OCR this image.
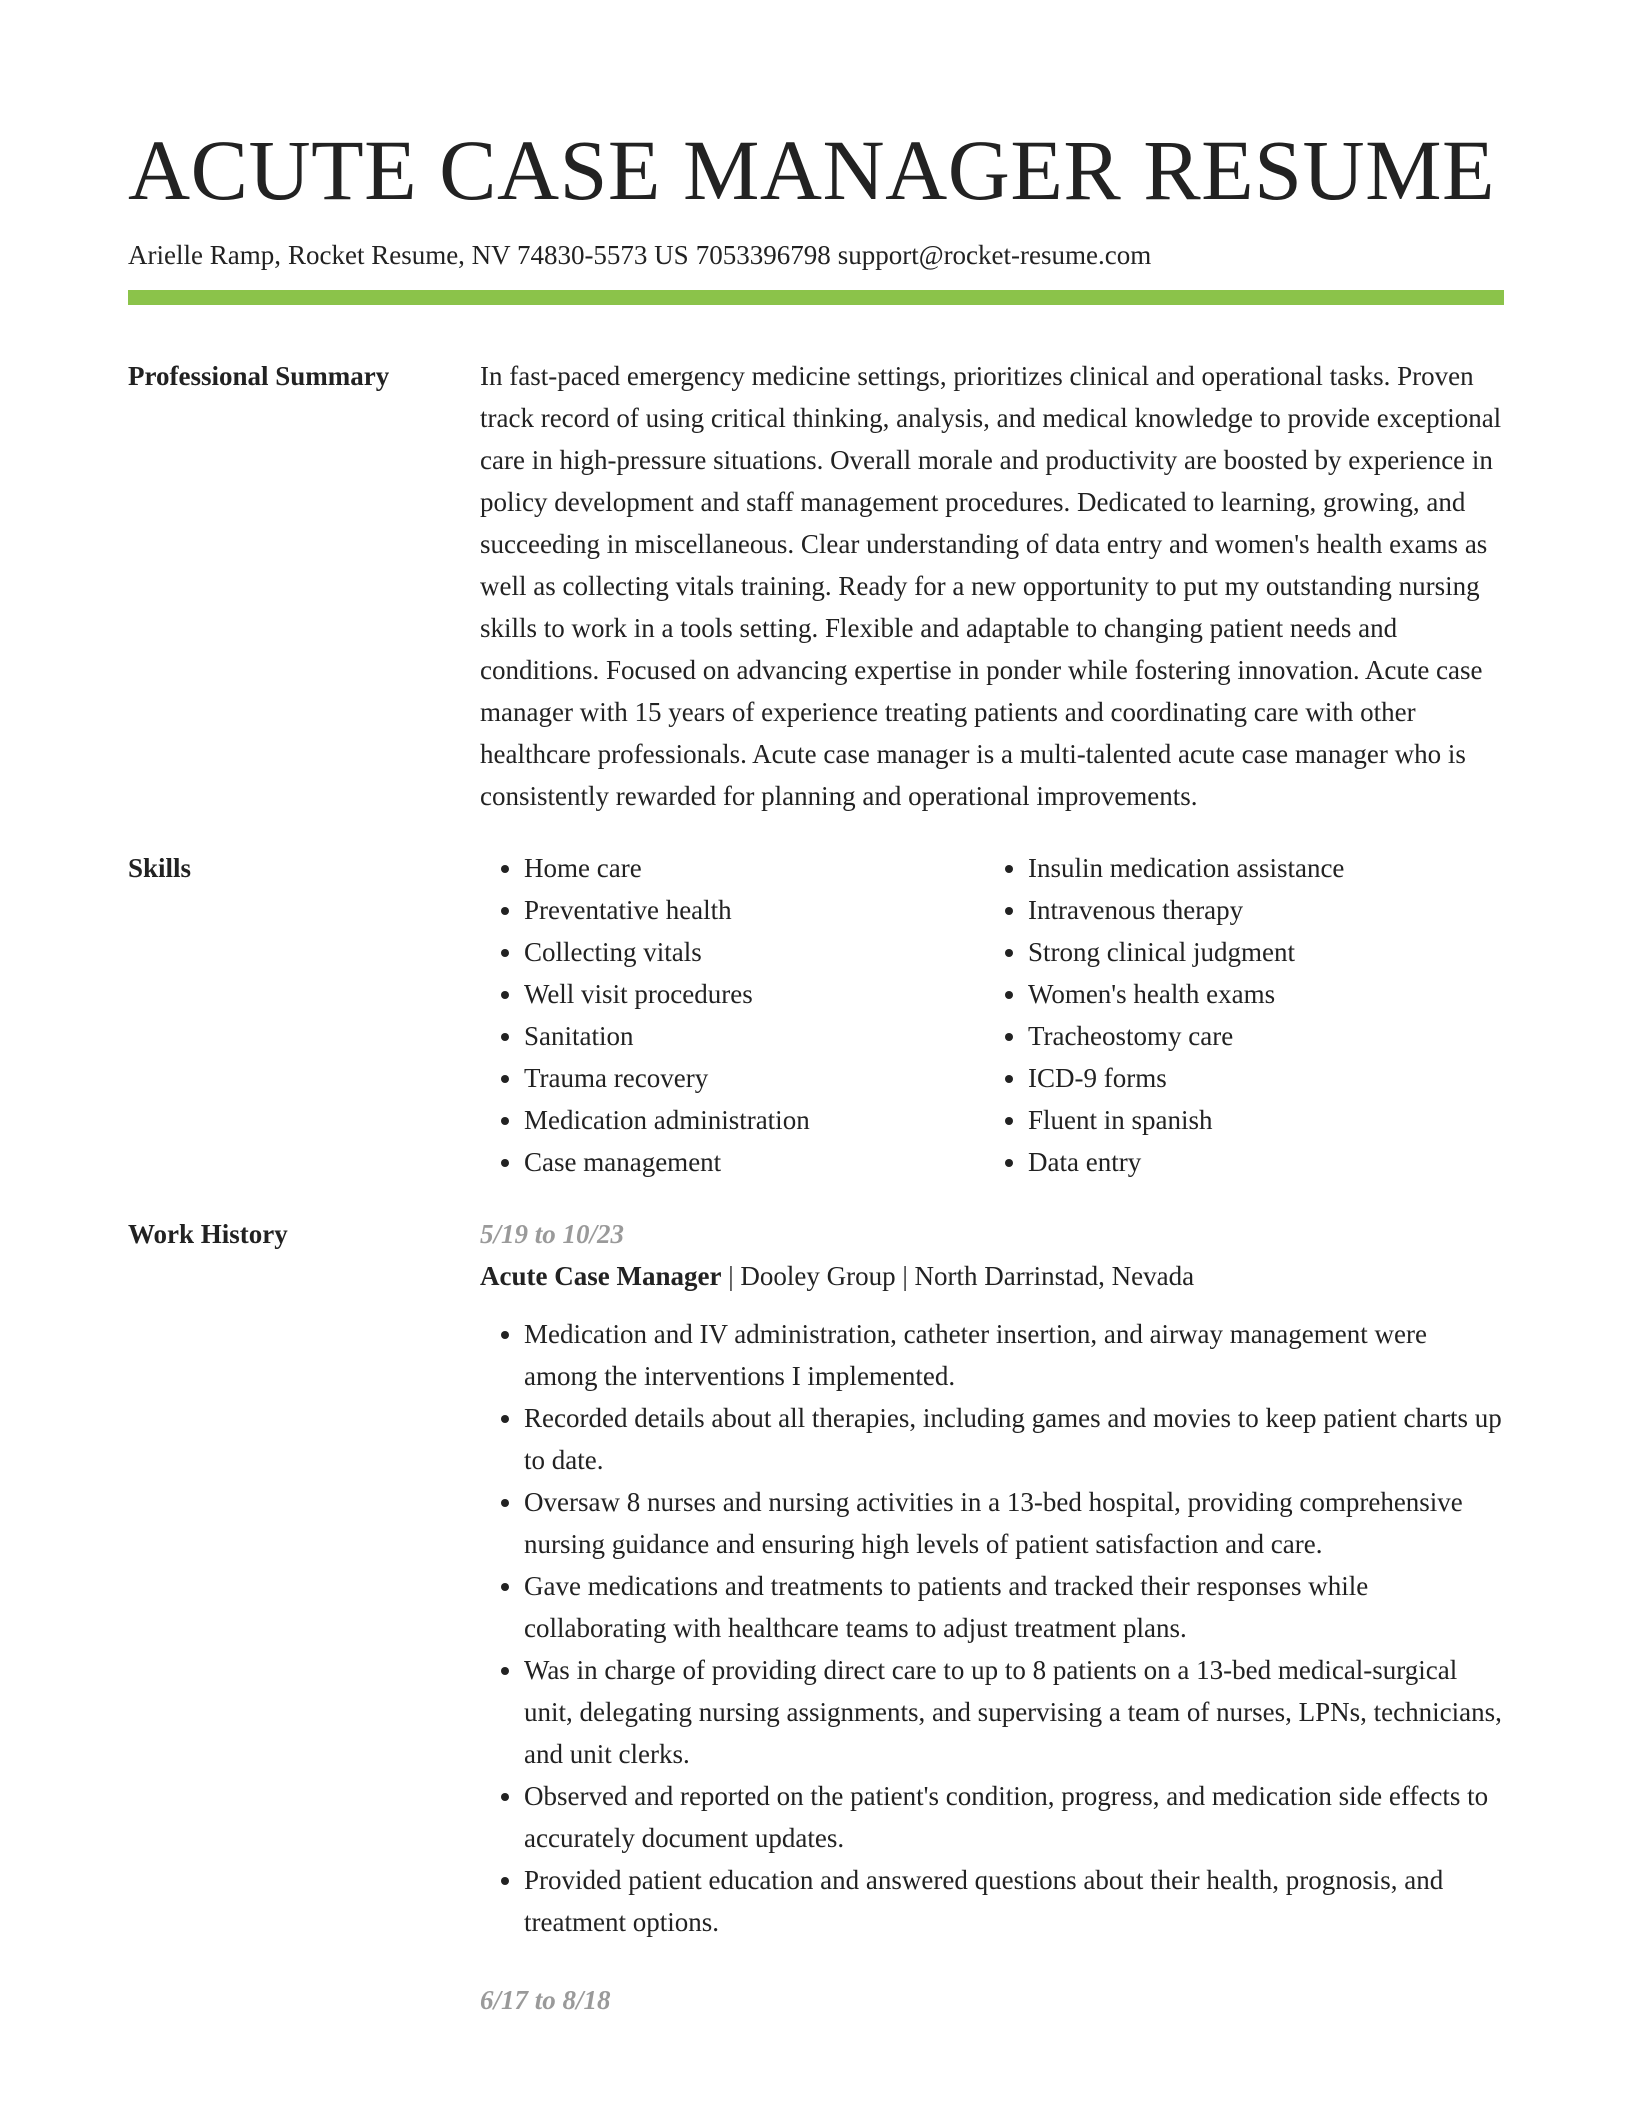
ACUTE CASE MANAGER RESUME
Arielle Ramp, Rocket Resume, NV 74830-5573 US 7053396798 support@rocket-resume.com
Professional Summary	In fast-paced emergency medicine settings, prioritizes clinical and operational tasks. Proven track record of using critical thinking, analysis, and medical knowledge to provide exceptional care in high-pressure situations. Overall morale and productivity are boosted by experience in policy development and staff management procedures. Dedicated to learning, growing, and succeeding in miscellaneous. Clear understanding of data entry and women's health exams as well as collecting vitals training. Ready for a new opportunity to put my outstanding nursing skills to work in a tools setting. Flexible and adaptable to changing patient needs and conditions. Focused on advancing expertise in ponder while fostering innovation. Acute case manager with 15 years of experience treating patients and coordinating care with other healthcare professionals. Acute case manager is a multi-talented acute case manager who is consistently rewarded for planning and operational improvements.
Skills
•	Home care
• Preventative health
• Collecting vitals
• Well visit procedures
• Sanitation
• Trauma recovery
• Medication administration
• Case management
• Insulin medication assistance
• Intravenous therapy
• Strong clinical judgment
• Women's health exams
• Tracheostomy care
• ICD-9 forms
• Fluent in spanish
• Data entry
Work History	5/19 to 10/23
Acute Case Manager | Dooley Group | North Darrinstad, Nevada
• Medication and IV administration, catheter insertion, and airway management were among the interventions I implemented.
• Recorded details about all therapies, including games and movies to keep patient charts up to date.
• Oversaw 8 nurses and nursing activities in a 13-bed hospital, providing comprehensive nursing guidance and ensuring high levels of patient satisfaction and care.
• Gave medications and treatments to patients and tracked their responses while collaborating with healthcare teams to adjust treatment plans.
• Was in charge of providing direct care to up to 8 patients on a 13-bed medical-surgical unit, delegating nursing assignments, and supervising a team of nurses, LPNs, technicians, and unit clerks.
• Observed and reported on the patient's condition, progress, and medication side effects to accurately document updates.
• Provided patient education and answered questions about their health, prognosis, and treatment options.
6/17 to 8/18
